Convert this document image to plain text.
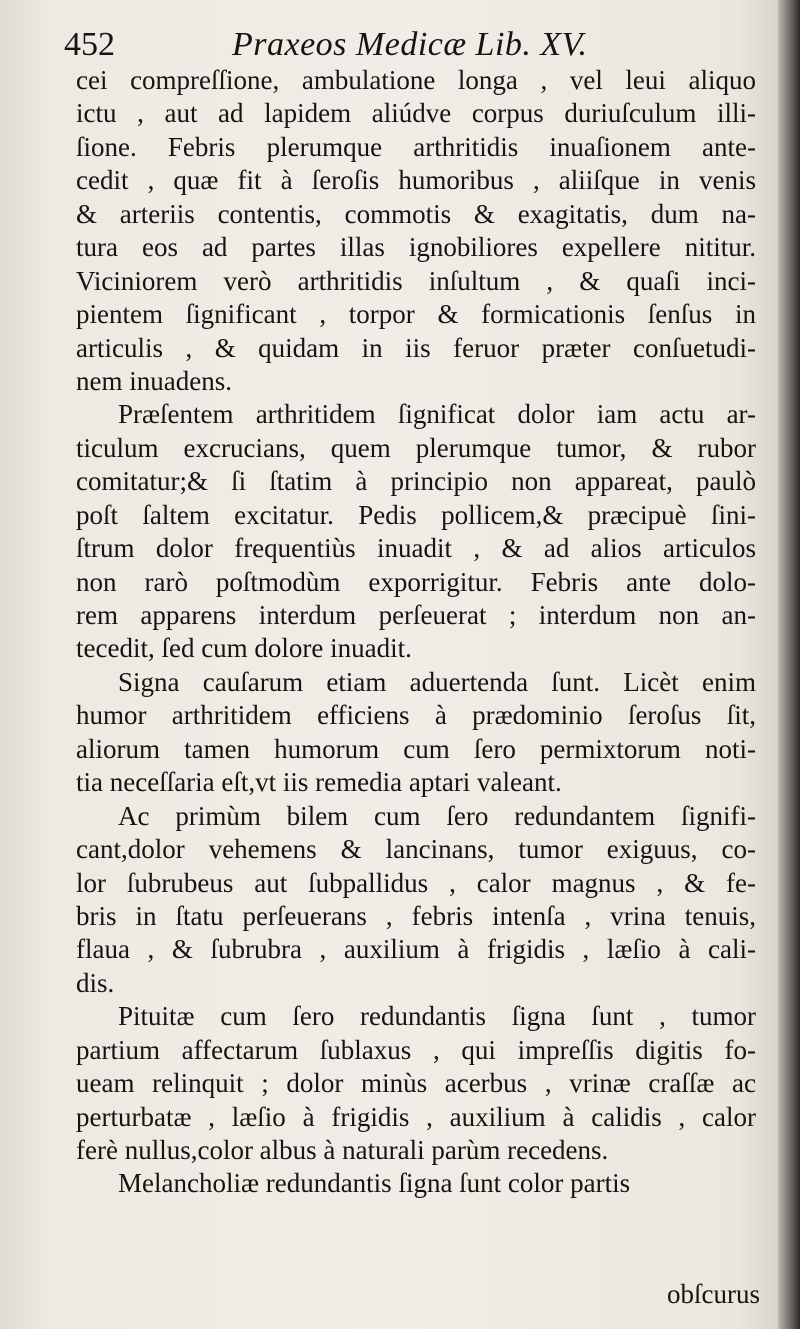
452	Praxeos Medicæ Lib. XV.
cei compreſſione, ambulatione longa , vel leui aliquo
ictu , aut ad lapidem aliúdve corpus duriuſculum illi-
ſione. Febris plerumque arthritidis inuaſionem ante-
cedit , quæ fit à ſeroſis humoribus , aliiſque in venis
& arteriis contentis, commotis & exagitatis, dum na-
tura eos ad partes illas ignobiliores expellere nititur.
Viciniorem verò arthritidis inſultum , & quaſi inci-
pientem ſignificant , torpor & formicationis ſenſus in
articulis , & quidam in iis feruor præter conſuetudi-
nem inuadens.
Præſentem arthritidem ſignificat dolor iam actu ar-
ticulum excrucians, quem plerumque tumor, & rubor
comitatur;& ſi ſtatim à principio non appareat, paulò
poſt ſaltem excitatur. Pedis pollicem,& præcipuè ſini-
ſtrum dolor frequentiùs inuadit , & ad alios articulos
non rarò poſtmodùm exporrigitur. Febris ante dolo-
rem apparens interdum perſeuerat ; interdum non an-
tecedit, ſed cum dolore inuadit.
Signa cauſarum etiam aduertenda ſunt. Licèt enim
humor arthritidem efficiens à prædominio ſeroſus ſit,
aliorum tamen humorum cum ſero permixtorum noti-
tia neceſſaria eſt,vt iis remedia aptari valeant.
Ac primùm bilem cum ſero redundantem ſignifi-
cant,dolor vehemens & lancinans, tumor exiguus, co-
lor ſubrubeus aut ſubpallidus , calor magnus , & fe-
bris in ſtatu perſeuerans , febris intenſa , vrina tenuis,
flaua , & ſubrubra , auxilium à frigidis , læſio à cali-
dis.
Pituitæ cum ſero redundantis ſigna ſunt , tumor
partium affectarum ſublaxus , qui impreſſis digitis fo-
ueam relinquit ; dolor minùs acerbus , vrinæ craſſæ ac
perturbatæ , læſio à frigidis , auxilium à calidis , calor
ferè nullus,color albus à naturali parùm recedens.
Melancholiæ redundantis ſigna ſunt color partis
obſcurus
